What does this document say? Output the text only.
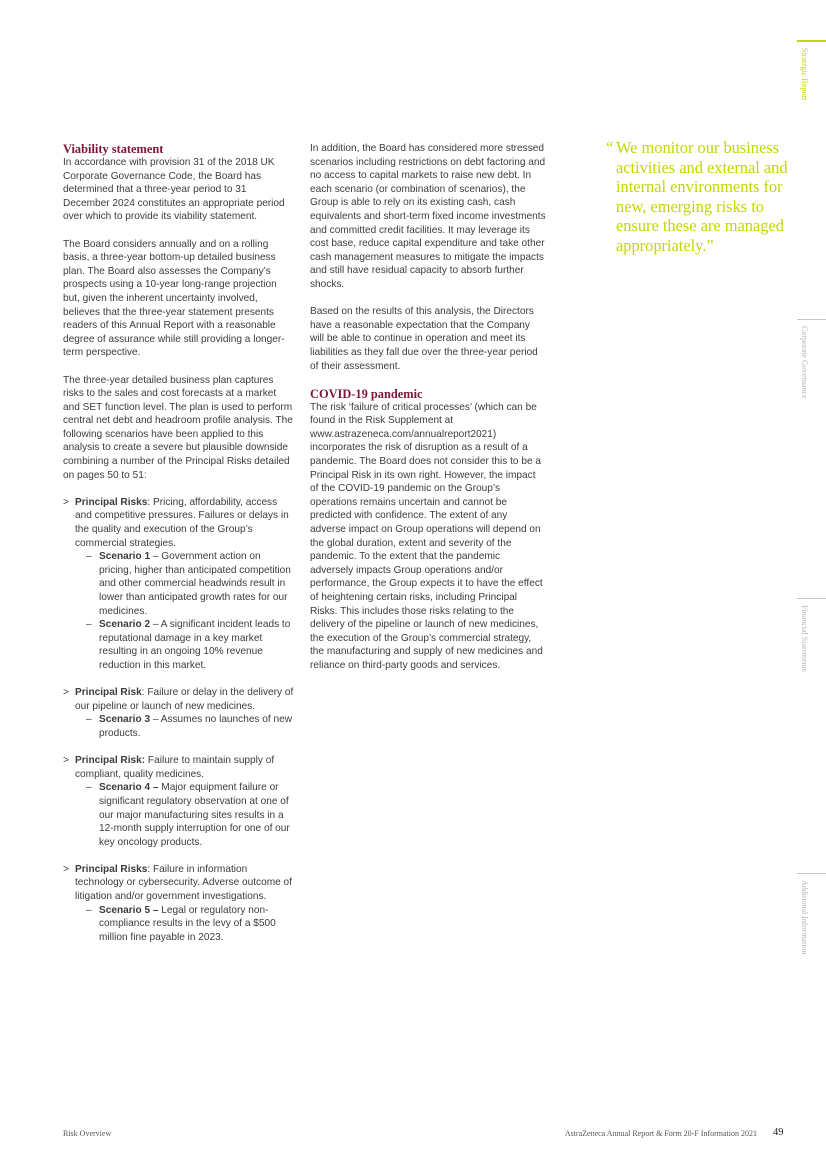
Strategic Report
Corporate Governance
Financial Statements
Additional Information
Viability statement

In accordance with provision 31 of the 2018 UK Corporate Governance Code, the Board has determined that a three-year period to 31 December 2024 constitutes an appropriate period over which to provide its viability statement.

The Board considers annually and on a rolling basis, a three-year bottom-up detailed business plan. The Board also assesses the Company’s prospects using a 10-year long-range projection but, given the inherent uncertainty involved, believes that the three-year statement presents readers of this Annual Report with a reasonable degree of assurance while still providing a longer-term perspective.

The three-year detailed business plan captures risks to the sales and cost forecasts at a market and SET function level. The plan is used to perform central net debt and headroom profile analysis. The following scenarios have been applied to this analysis to create a severe but plausible downside combining a number of the Principal Risks detailed on pages 50 to 51:

> Principal Risks: Pricing, affordability, access and competitive pressures. Failures or delays in the quality and execution of the Group’s commercial strategies.
– Scenario 1 – Government action on pricing, higher than anticipated competition and other commercial headwinds result in lower than anticipated growth rates for our medicines.
– Scenario 2 – A significant incident leads to reputational damage in a key market resulting in an ongoing 10% revenue reduction in this market.
> Principal Risk: Failure or delay in the delivery of our pipeline or launch of new medicines.
– Scenario 3 – Assumes no launches of new products.
> Principal Risk: Failure to maintain supply of compliant, quality medicines.
– Scenario 4 – Major equipment failure or significant regulatory observation at one of our major manufacturing sites results in a 12-month supply interruption for one of our key oncology products.
> Principal Risks: Failure in information technology or cybersecurity. Adverse outcome of litigation and/or government investigations.
– Scenario 5 – Legal or regulatory non-compliance results in the levy of a $500 million fine payable in 2023.

In addition, the Board has considered more stressed scenarios including restrictions on debt factoring and no access to capital markets to raise new debt. In each scenario (or combination of scenarios), the Group is able to rely on its existing cash, cash equivalents and short-term fixed income investments and committed credit facilities. It may leverage its cost base, reduce capital expenditure and take other cash management measures to mitigate the impacts and still have residual capacity to absorb further shocks.

Based on the results of this analysis, the Directors have a reasonable expectation that the Company will be able to continue in operation and meet its liabilities as they fall due over the three-year period of their assessment.

COVID-19 pandemic

The risk ‘failure of critical processes’ (which can be found in the Risk Supplement at www.astrazeneca.com/annualreport2021) incorporates the risk of disruption as a result of a pandemic. The Board does not consider this to be a Principal Risk in its own right. However, the impact of the COVID-19 pandemic on the Group’s operations remains uncertain and cannot be predicted with confidence. The extent of any adverse impact on Group operations will depend on the global duration, extent and severity of the pandemic. To the extent that the pandemic adversely impacts Group operations and/or performance, the Group expects it to have the effect of heightening certain risks, including Principal Risks. This includes those risks relating to the delivery of the pipeline or launch of new medicines, the execution of the Group’s commercial strategy, the manufacturing and supply of new medicines and reliance on third-party goods and services.

“ We monitor our business activities and external and internal environments for new, emerging risks to ensure these are managed appropriately.”
Risk Overview	AstraZeneca Annual Report & Form 20-F Information 2021 49
